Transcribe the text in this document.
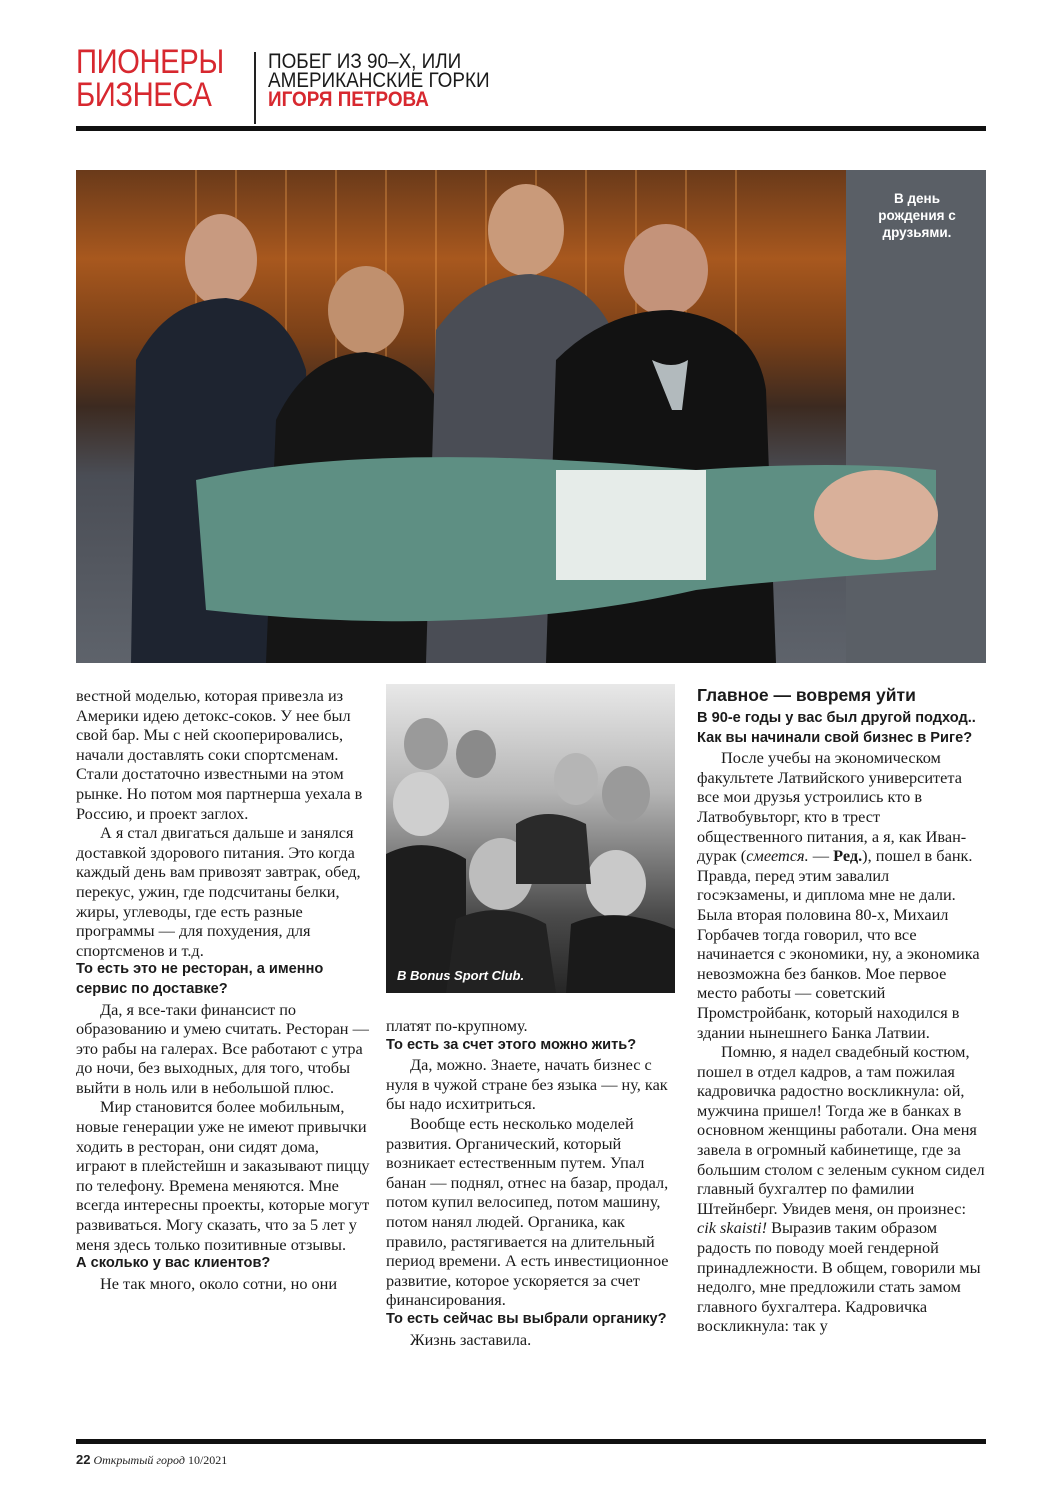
ПИОНЕРЫ
БИЗНЕСА
ПОБЕГ ИЗ 90–Х, ИЛИ
АМЕРИКАНСКИЕ ГОРКИ
ИГОРЯ ПЕТРОВА
В день рождения с друзьями.
В Bonus Sport Club.

вестной моделью, которая привезла из Америки идею детокс-соков. У нее был свой бар. Мы с ней скооперировались, начали доставлять соки спортсменам. Стали достаточно известными на этом рынке. Но потом моя партнерша уехала в Россию, и проект заглох.

А я стал двигаться дальше и занялся доставкой здорового питания. Это когда каждый день вам привозят завтрак, обед, перекус, ужин, где подсчитаны белки, жиры, углеводы, где есть разные программы — для похудения, для спортсменов и т.д.

То есть это не ресторан, а именно сервис по доставке?

Да, я все-таки финансист по образованию и умею считать. Ресторан — это рабы на галерах. Все работают с утра до ночи, без выходных, для того, чтобы выйти в ноль или в небольшой плюс.

Мир становится более мобильным, новые генерации уже не имеют привычки ходить в ресторан, они сидят дома, играют в плейстейшн и заказывают пиццу по телефону. Времена меняются. Мне всегда интересны проекты, которые могут развиваться. Могу сказать, что за 5 лет у меня здесь только позитивные отзывы.

А сколько у вас клиентов?

Не так много, около сотни, но они

платят по-крупному.

То есть за счет этого можно жить?

Да, можно. Знаете, начать бизнес с нуля в чужой стране без языка — ну, как бы надо исхитриться.

Вообще есть несколько моделей развития. Органический, который возникает естественным путем. Упал банан — поднял, отнес на базар, продал, потом купил велосипед, потом машину, потом нанял людей. Органика, как правило, растягивается на длительный период времени. А есть инвестиционное развитие, которое ускоряется за счет финансирования.

То есть сейчас вы выбрали органику?

Жизнь заставила.

Главное — вовремя уйти

В 90-е годы у вас был другой подход.. Как вы начинали свой бизнес в Риге?

После учебы на экономическом факультете Латвийского университета все мои друзья устроились кто в Латвобувьторг, кто в трест общественного питания, а я, как Иван-дурак (смеется. — Ред.), пошел в банк. Правда, перед этим завалил госэкзамены, и диплома мне не дали. Была вторая половина 80-х, Михаил Горбачев тогда говорил, что все начинается с экономики, ну, а экономика невозможна без банков. Мое первое место работы — советский Промстройбанк, который находился в здании нынешнего Банка Латвии.

Помню, я надел свадебный костюм, пошел в отдел кадров, а там пожилая кадровичка радостно воскликнула: ой, мужчина пришел! Тогда же в банках в основном женщины работали. Она меня завела в огромный кабинетище, где за большим столом с зеленым сукном сидел главный бухгалтер по фамилии Штейнберг. Увидев меня, он произнес: cik skaisti! Выразив таким образом радость по поводу моей гендерной принадлежности. В общем, говорили мы недолго, мне предложили стать замом главного бухгалтера. Кадровичка воскликнула: так у

22 Открытый город 10/2021
